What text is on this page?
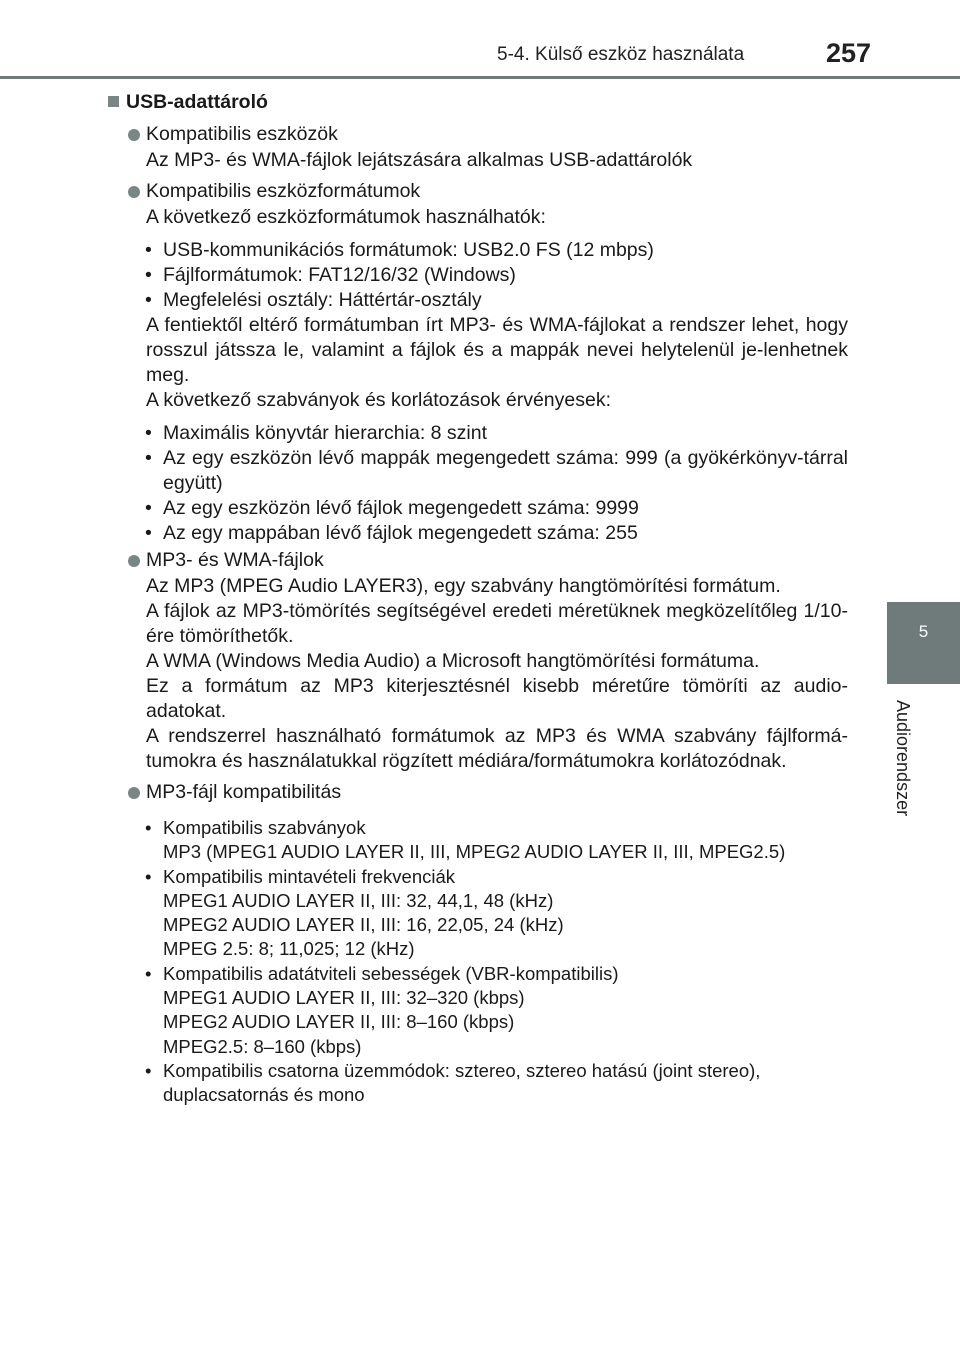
5-4. Külső eszköz használata	257
5
Audiorendszer
USB-adattároló
Kompatibilis eszközök

Az MP3- és WMA-fájlok lejátszására alkalmas USB-adattárolók

Kompatibilis eszközformátumok

A következő eszközformátumok használhatók:

• USB-kommunikációs formátumok: USB2.0 FS (12 mbps)
• Fájlformátumok: FAT12/16/32 (Windows)
• Megfelelési osztály: Háttértár-osztály

A fentiektől eltérő formátumban írt MP3- és WMA-fájlokat a rendszer lehet, hogy rosszul játssza le, valamint a fájlok és a mappák nevei helytelenül je-lenhetnek meg.

A következő szabványok és korlátozások érvényesek:

• Maximális könyvtár hierarchia: 8 szint
• Az egy eszközön lévő mappák megengedett száma: 999 (a gyökérkönyv-tárral együtt)
• Az egy eszközön lévő fájlok megengedett száma: 9999
• Az egy mappában lévő fájlok megengedett száma: 255
MP3- és WMA-fájlok

Az MP3 (MPEG Audio LAYER3), egy szabvány hangtömörítési formátum.

A fájlok az MP3-tömörítés segítségével eredeti méretüknek megközelítőleg 1/10-ére tömöríthetők.

A WMA (Windows Media Audio) a Microsoft hangtömörítési formátuma.

Ez a formátum az MP3 kiterjesztésnél kisebb méretűre tömöríti az audio-adatokat.

A rendszerrel használható formátumok az MP3 és WMA szabvány fájlformá-tumokra és használatukkal rögzített médiára/formátumokra korlátozódnak.

MP3-fájl kompatibilitás
• Kompatibilis szabványok
MP3 (MPEG1 AUDIO LAYER II, III, MPEG2 AUDIO LAYER II, III, MPEG2.5)
• Kompatibilis mintavételi frekvenciák
MPEG1 AUDIO LAYER II, III: 32, 44,1, 48 (kHz)
MPEG2 AUDIO LAYER II, III: 16, 22,05, 24 (kHz)
MPEG 2.5: 8; 11,025; 12 (kHz)
• Kompatibilis adatátviteli sebességek (VBR-kompatibilis)
MPEG1 AUDIO LAYER II, III: 32–320 (kbps)
MPEG2 AUDIO LAYER II, III: 8–160 (kbps)
MPEG2.5: 8–160 (kbps)
• Kompatibilis csatorna üzemmódok: sztereo, sztereo hatású (joint stereo), duplacsatornás és mono
